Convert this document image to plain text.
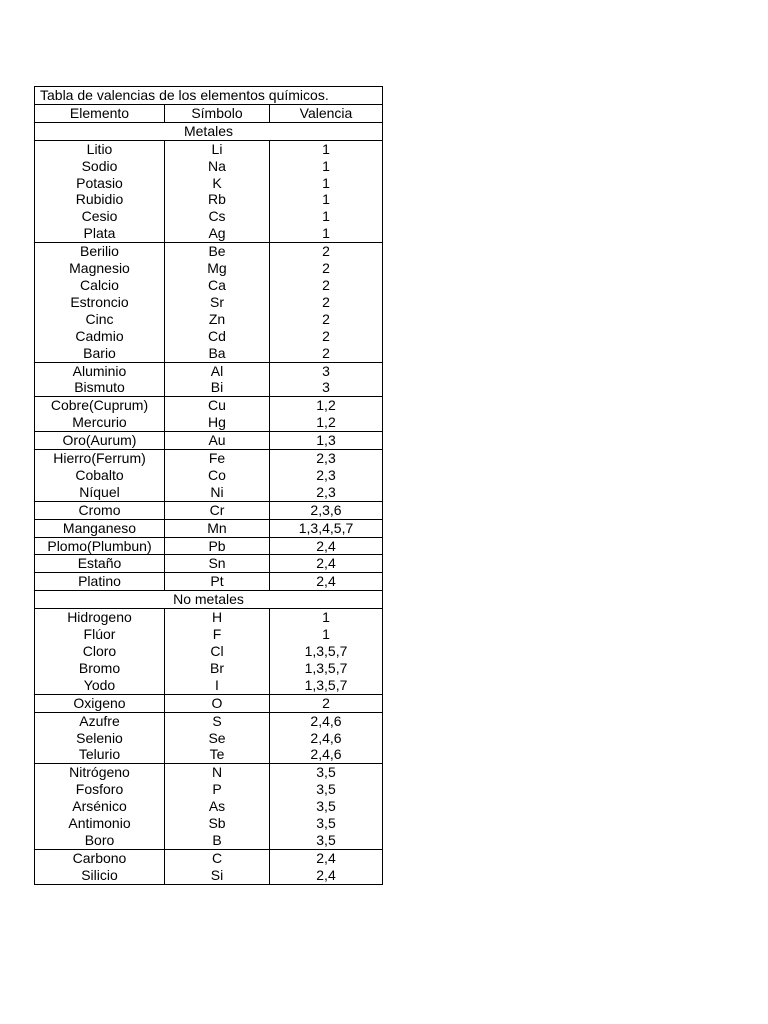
Tabla de valencias de los elementos químicos.
Elemento	Símbolo	Valencia
Metales
Litio	Li	1
Sodio	Na	1
Potasio	K	1
Rubidio	Rb	1
Cesio	Cs	1
Plata	Ag	1
Berilio	Be	2
Magnesio	Mg	2
Calcio	Ca	2
Estroncio	Sr	2
Cinc	Zn	2
Cadmio	Cd	2
Bario	Ba	2
Aluminio	Al	3
Bismuto	Bi	3
Cobre(Cuprum)	Cu	1,2
Mercurio	Hg	1,2
Oro(Aurum)	Au	1,3
Hierro(Ferrum)	Fe	2,3
Cobalto	Co	2,3
Níquel	Ni	2,3
Cromo	Cr	2,3,6
Manganeso	Mn	1,3,4,5,7
Plomo(Plumbun)	Pb	2,4
Estaño	Sn	2,4
Platino	Pt	2,4
No metales
Hidrogeno	H	1
Flúor	F	1
Cloro	Cl	1,3,5,7
Bromo	Br	1,3,5,7
Yodo	I	1,3,5,7
Oxigeno	O	2
Azufre	S	2,4,6
Selenio	Se	2,4,6
Telurio	Te	2,4,6
Nitrógeno	N	3,5
Fosforo	P	3,5
Arsénico	As	3,5
Antimonio	Sb	3,5
Boro	B	3,5
Carbono	C	2,4
Silicio	Si	2,4
